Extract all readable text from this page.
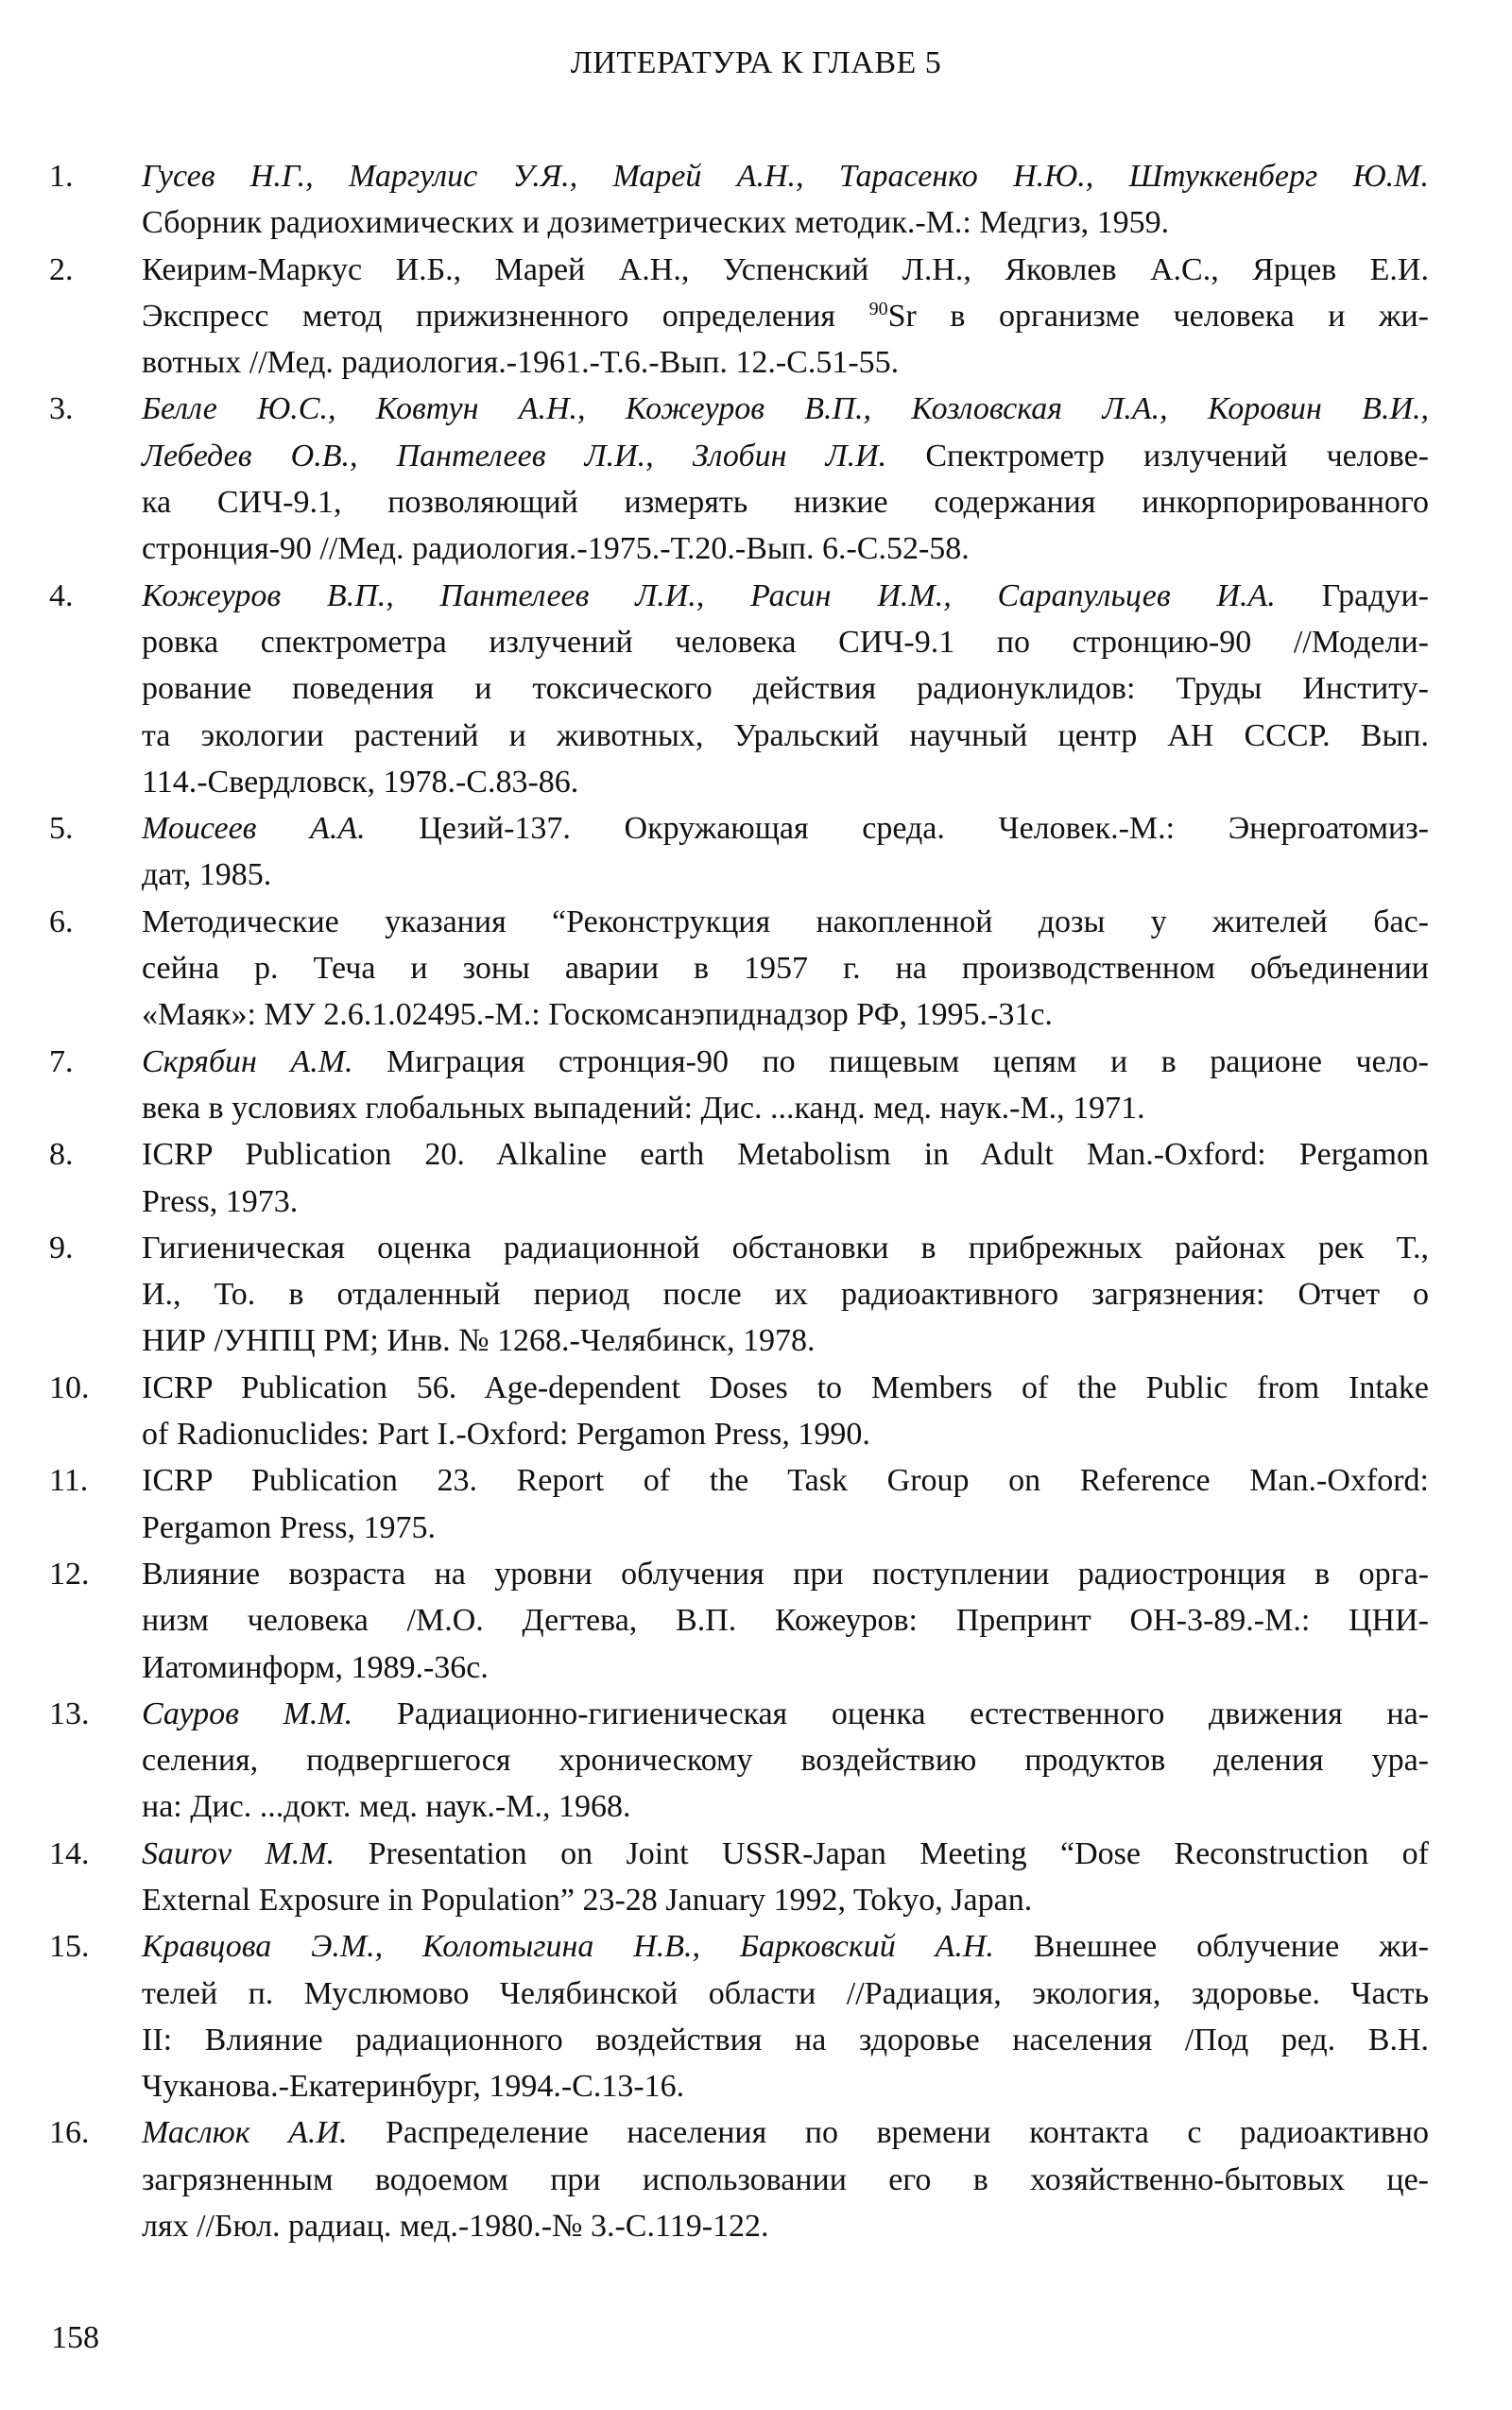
ЛИТЕРАТУРА К ГЛАВЕ 5
1. Гусев Н.Г., Маргулис У.Я., Марей А.Н., Тарасенко Н.Ю., Штуккенберг Ю.М.
Сборник радиохимических и дозиметрических методик.-М.: Медгиз, 1959.
2. Кеирим-Маркус И.Б., Марей А.Н., Успенский Л.Н., Яковлев А.С., Ярцев Е.И.
Экспресс метод прижизненного определения $^{90}$Sr в организме человека и жи-
вотных //Мед. радиология.-1961.-Т.6.-Вып. 12.-С.51-55.
3. Белле Ю.С., Ковтун А.Н., Кожеуров В.П., Козловская Л.А., Коровин В.И.,
Лебедев О.В., Пантелеев Л.И., Злобин Л.И. Спектрометр излучений челове-
ка СИЧ-9.1, позволяющий измерять низкие содержания инкорпорированного
стронция-90 //Мед. радиология.-1975.-Т.20.-Вып. 6.-С.52-58.
4. Кожеуров В.П., Пантелеев Л.И., Расин И.М., Сарапульцев И.А. Градуи-
ровка спектрометра излучений человека СИЧ-9.1 по стронцию-90 //Модели-
рование поведения и токсического действия радионуклидов: Труды Институ-
та экологии растений и животных, Уральский научный центр АН СССР. Вып.
114.-Свердловск, 1978.-С.83-86.
5. Моисеев А.А. Цезий-137. Окружающая среда. Человек.-М.: Энергоатомиз-
дат, 1985.
6. Методические указания “Реконструкция накопленной дозы у жителей бас-
сейна р. Теча и зоны аварии в 1957 г. на производственном объединении
«Маяк»: МУ 2.6.1.02495.-М.: Госкомсанэпиднадзор РФ, 1995.-31с.
7. Скрябин А.М. Миграция стронция-90 по пищевым цепям и в рационе чело-
века в условиях глобальных выпадений: Дис. ...канд. мед. наук.-М., 1971.
8. ICRP Publication 20. Alkaline earth Metabolism in Adult Man.-Oxford: Pergamon
Press, 1973.
9. Гигиеническая оценка радиационной обстановки в прибрежных районах рек Т.,
И., То. в отдаленный период после их радиоактивного загрязнения: Отчет о
НИР /УНПЦ РМ; Инв. № 1268.-Челябинск, 1978.
10. ICRP Publication 56. Age-dependent Doses to Members of the Public from Intake
of Radionuclides: Part I.-Oxford: Pergamon Press, 1990.
11. ICRP Publication 23. Report of the Task Group on Reference Man.-Oxford:
Pergamon Press, 1975.
12. Влияние возраста на уровни облучения при поступлении радиостронция в орга-
низм человека /М.О. Дегтева, В.П. Кожеуров: Препринт ОН-3-89.-М.: ЦНИ-
Иатоминформ, 1989.-36с.
13. Сауров М.М. Радиационно-гигиеническая оценка естественного движения на-
селения, подвергшегося хроническому воздействию продуктов деления ура-
на: Дис. ...докт. мед. наук.-М., 1968.
14. Saurov M.M. Presentation on Joint USSR-Japan Meeting “Dose Reconstruction of
External Exposure in Population” 23-28 January 1992, Tokyo, Japan.
15. Кравцова Э.М., Колотыгина Н.В., Барковский А.Н. Внешнее облучение жи-
телей п. Муслюмово Челябинской области //Радиация, экология, здоровье. Часть
II: Влияние радиационного воздействия на здоровье населения /Под ред. В.Н.
Чуканова.-Екатеринбург, 1994.-С.13-16.
16. Маслюк А.И. Распределение населения по времени контакта с радиоактивно
загрязненным водоемом при использовании его в хозяйственно-бытовых це-
лях //Бюл. радиац. мед.-1980.-№ 3.-С.119-122.
158
